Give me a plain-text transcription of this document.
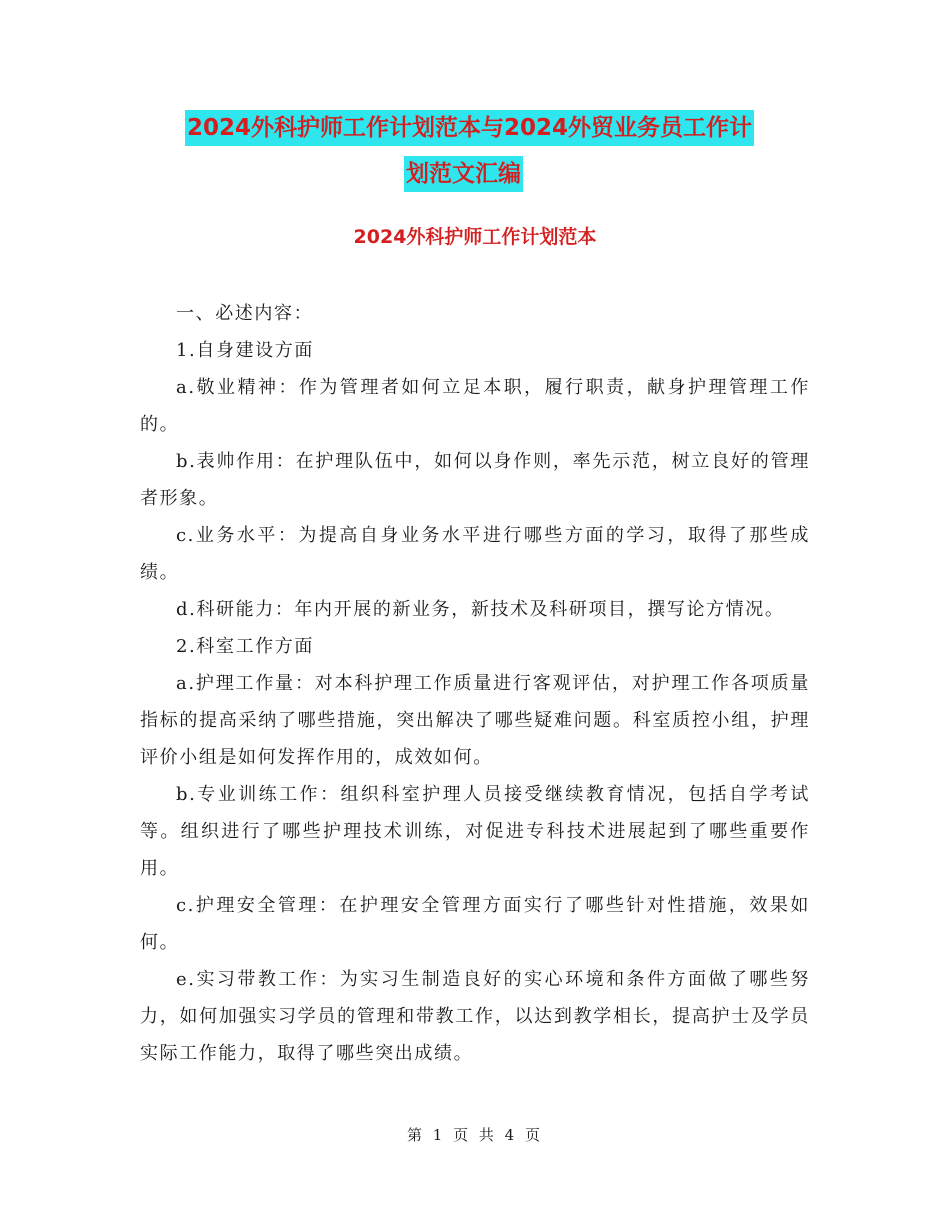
2024外科护师工作计划范本与2024外贸业务员工作计
划范文汇编
2024外科护师工作计划范本

一、必述内容：

1.自身建设方面

a.敬业精神：作为管理者如何立足本职，履行职责，献身护理管理工作的。

b.表帅作用：在护理队伍中，如何以身作则，率先示范，树立良好的管理者形象。

c.业务水平：为提高自身业务水平进行哪些方面的学习，取得了那些成绩。

d.科研能力：年内开展的新业务，新技术及科研项目，撰写论方情况。

2.科室工作方面

a.护理工作量：对本科护理工作质量进行客观评估，对护理工作各项质量指标的提高采纳了哪些措施，突出解决了哪些疑难问题。科室质控小组，护理评价小组是如何发挥作用的，成效如何。

b.专业训练工作：组织科室护理人员接受继续教育情况，包括自学考试等。组织进行了哪些护理技术训练，对促进专科技术进展起到了哪些重要作用。

c.护理安全管理：在护理安全管理方面实行了哪些针对性措施，效果如何。

e.实习带教工作：为实习生制造良好的实心环境和条件方面做了哪些努力，如何加强实习学员的管理和带教工作，以达到教学相长，提高护士及学员实际工作能力，取得了哪些突出成绩。

第 1 页 共 4 页
